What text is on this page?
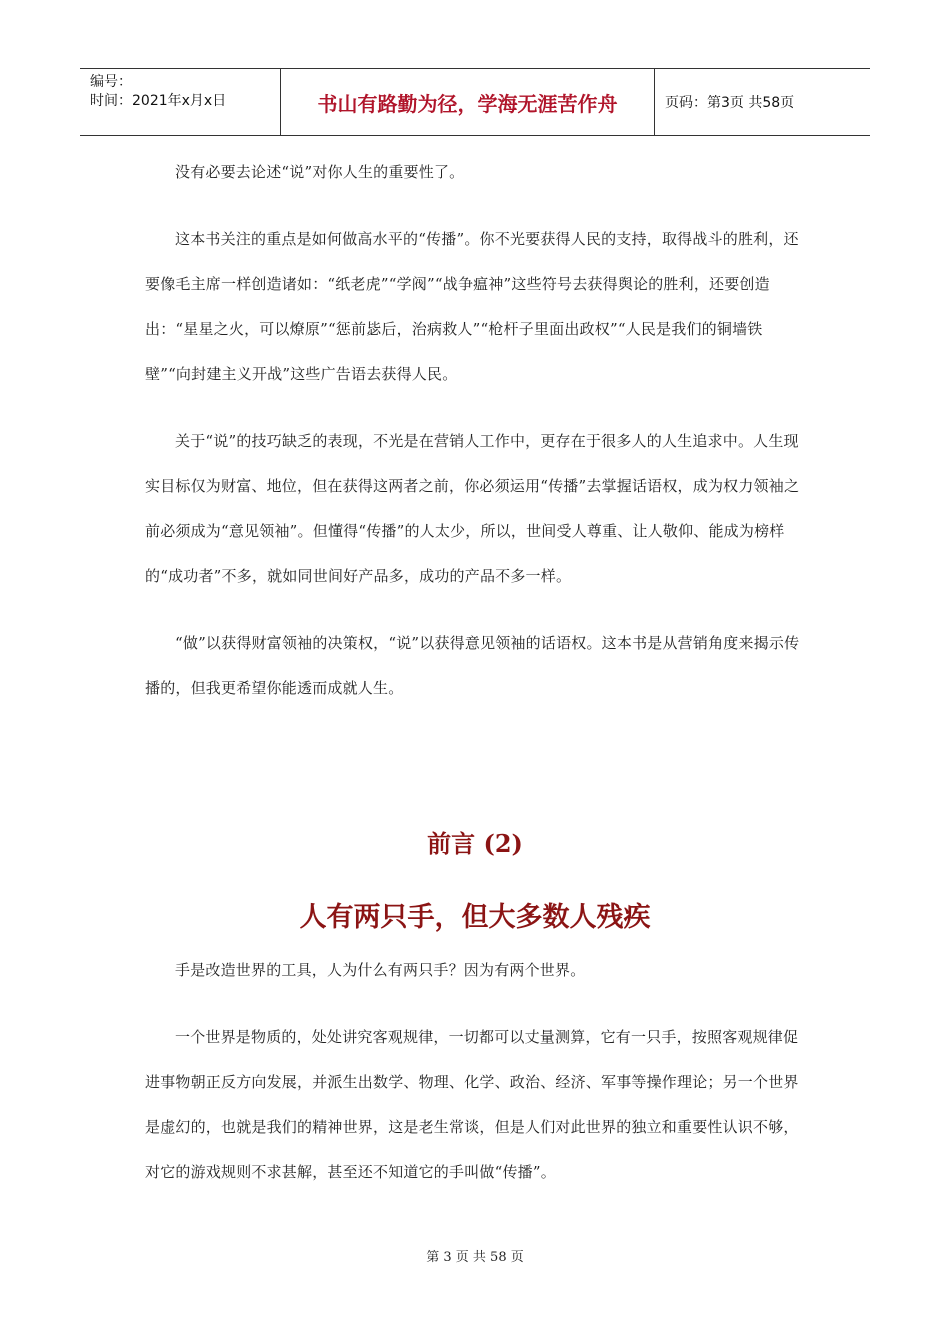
编号：
时间：2021年x月x日	书山有路勤为径，学海无涯苦作舟	页码：第3页 共58页

没有必要去论述“说”对你人生的重要性了。

这本书关注的重点是如何做高水平的“传播”。你不光要获得人民的支持，取得战斗的胜利，还要像毛主席一样创造诸如：“纸老虎”“学阀”“战争瘟神”这些符号去获得舆论的胜利，还要创造出：“星星之火，可以燎原”“惩前毖后，治病救人”“枪杆子里面出政权”“人民是我们的铜墙铁壁”“向封建主义开战”这些广告语去获得人民。

关于“说”的技巧缺乏的表现，不光是在营销人工作中，更存在于很多人的人生追求中。人生现实目标仅为财富、地位，但在获得这两者之前，你必须运用“传播”去掌握话语权，成为权力领袖之前必须成为“意见领袖”。但懂得“传播”的人太少，所以，世间受人尊重、让人敬仰、能成为榜样的“成功者”不多，就如同世间好产品多，成功的产品不多一样。

“做”以获得财富领袖的决策权，“说”以获得意见领袖的话语权。这本书是从营销角度来揭示传播的，但我更希望你能透而成就人生。

前言 (2)
人有两只手，但大多数人残疾

手是改造世界的工具，人为什么有两只手？因为有两个世界。

一个世界是物质的，处处讲究客观规律，一切都可以丈量测算，它有一只手，按照客观规律促进事物朝正反方向发展，并派生出数学、物理、化学、政治、经济、军事等操作理论；另一个世界是虚幻的，也就是我们的精神世界，这是老生常谈，但是人们对此世界的独立和重要性认识不够，对它的游戏规则不求甚解，甚至还不知道它的手叫做“传播”。

第 3 页 共 58 页
